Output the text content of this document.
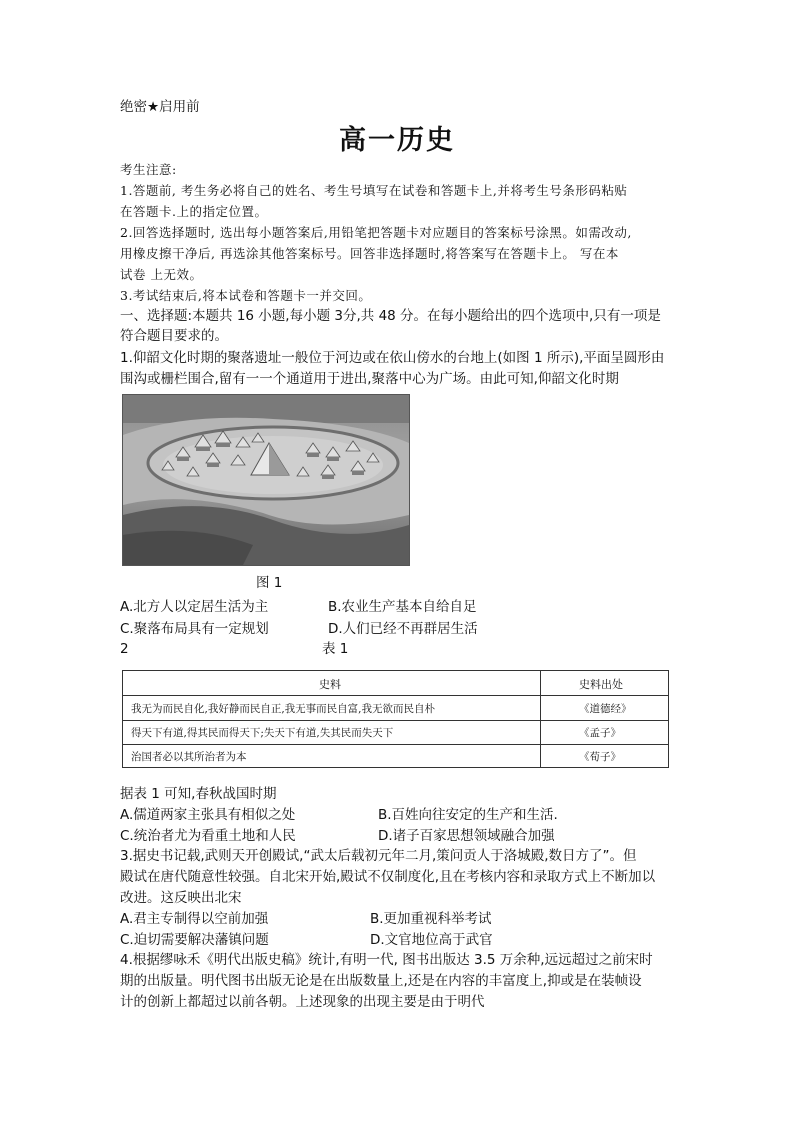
绝密★启用前
高一历史
考生注意:
1.答题前, 考生务必将自己的姓名、考生号填写在试卷和答题卡上,并将考生号条形码粘贴
在答题卡.上的指定位置。
2.回答选择题时, 选出每小题答案后,用铅笔把答题卡对应题目的答案标号涂黑。如需改动,
用橡皮擦干净后, 再选涂其他答案标号。回答非选择题时,将答案写在答题卡上。 写在本
试卷 上无效。
3.考试结束后,将本试卷和答题卡一并交回。
一、选择题:本题共 16 小题,每小题 3分,共 48 分。在每小题给出的四个选项中,只有一项是
符合题目要求的。
1.仰韶文化时期的聚落遗址一般位于河边或在依山傍水的台地上(如图 1 所示),平面呈圆形由
围沟或栅栏围合,留有一一个通道用于进出,聚落中心为广场。由此可知,仰韶文化时期
图 1
A.北方人以定居生活为主	B.农业生产基本自给自足
C.聚落布局具有一定规划	D.人们已经不再群居生活
2	表 1
史料	史料出处
我无为而民自化,我好静而民自正,我无事而民自富,我无欲而民自朴	《道德经》
得天下有道,得其民而得天下;失天下有道,失其民而失天下	《孟子》
治国者必以其所治者为本	《荀子》
据表 1 可知,春秋战国时期
A.儒道两家主张具有相似之处	B.百姓向往安定的生产和生活.
C.统治者尤为看重土地和人民	D.诸子百家思想领域融合加强
3.据史书记载,武则天开创殿试,“武太后载初元年二月,策问贡人于洛城殿,数日方了”。但
殿试在唐代随意性较强。自北宋开始,殿试不仅制度化,且在考核内容和录取方式上不断加以
改进。这反映出北宋
A.君主专制得以空前加强	B.更加重视科举考试
C.迫切需要解决藩镇问题	D.文官地位高于武官
4.根据缪咏禾《明代出版史稿》统计,有明一代, 图书出版达 3.5 万余种,远远超过之前宋时
期的出版量。明代图书出版无论是在出版数量上,还是在内容的丰富度上,抑或是在装帧设
计的创新上都超过以前各朝。上述现象的出现主要是由于明代
